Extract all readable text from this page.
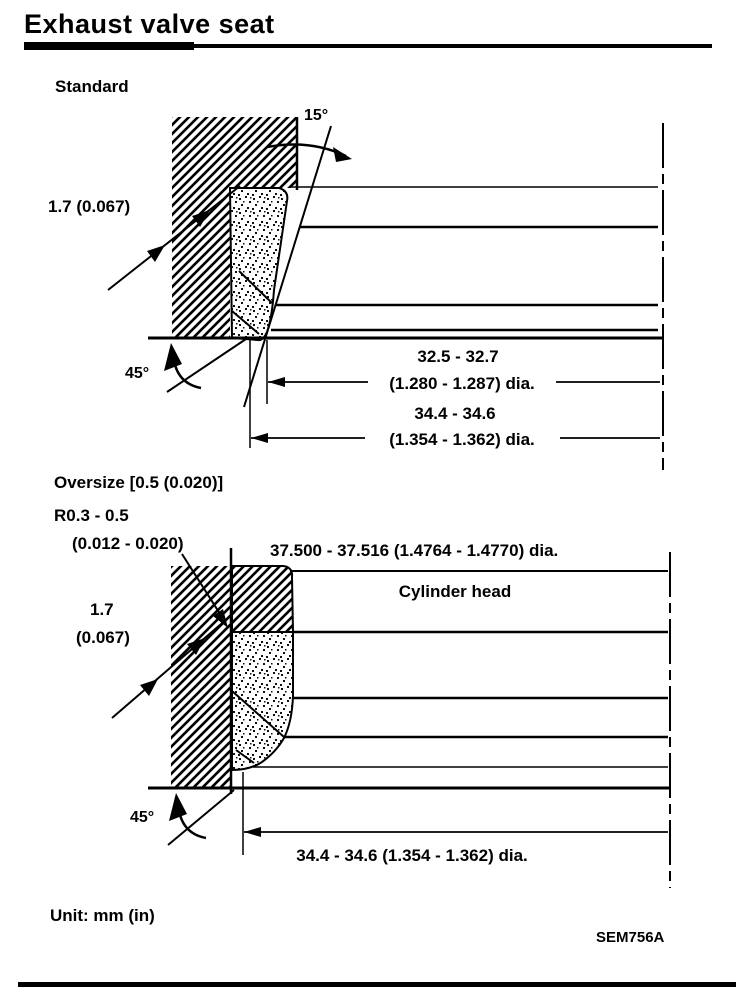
Exhaust valve seat
Standard
15°
1.7 (0.067)
45°
32.5 - 32.7
(1.280 - 1.287) dia.
34.4 - 34.6
(1.354 - 1.362) dia.
Oversize [0.5 (0.020)]
R0.3 - 0.5
(0.012 - 0.020)	37.500 - 37.516 (1.4764 - 1.4770) dia.
Cylinder head
1.7
(0.067)
45°
34.4 - 34.6 (1.354 - 1.362) dia.
Unit: mm (in)
SEM756A
